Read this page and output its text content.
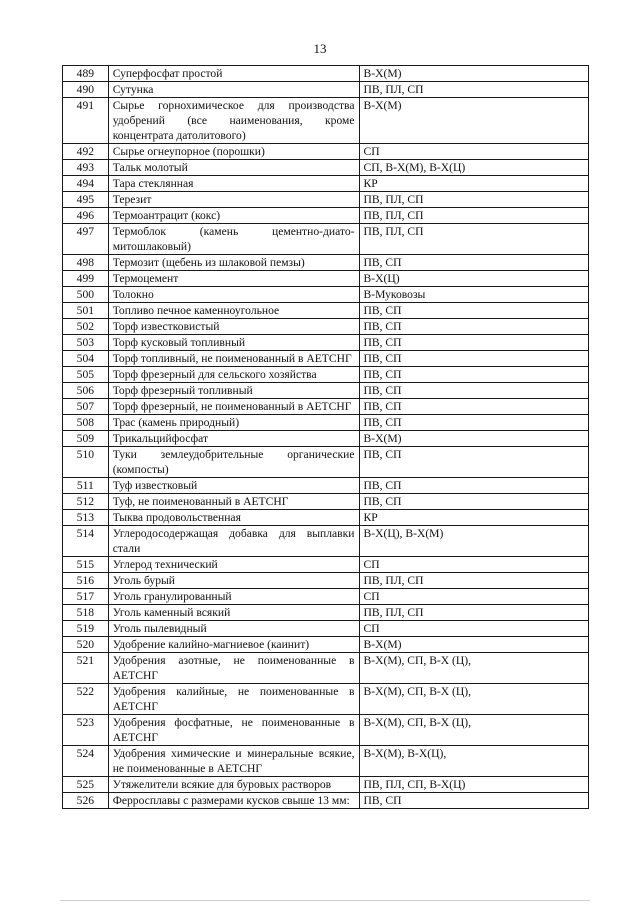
13
489	Суперфосфат простой	В-Х(М)
490	Сутунка	ПВ, ПЛ, СП
491	Сырье горнохимическое для производства удобрений (все наименования, кроме концентрата датолитового)	В-Х(М)
492	Сырье огнеупорное (порошки)	СП
493	Тальк молотый	СП, В-Х(М), В-Х(Ц)
494	Тара стеклянная	КР
495	Терезит	ПВ, ПЛ, СП
496	Термоантрацит (кокс)	ПВ, ПЛ, СП
497	Термоблок (камень цементно-диато-митошлаковый)	ПВ, ПЛ, СП
498	Термозит (щебень из шлаковой пемзы)	ПВ, СП
499	Термоцемент	В-Х(Ц)
500	Толокно	В-Муковозы
501	Топливо печное каменноугольное	ПВ, СП
502	Торф известковистый	ПВ, СП
503	Торф кусковый топливный	ПВ, СП
504	Торф топливный, не поименованный в АЕТСНГ	ПВ, СП
505	Торф фрезерный для сельского хозяйства	ПВ, СП
506	Торф фрезерный топливный	ПВ, СП
507	Торф фрезерный, не поименованный в АЕТСНГ	ПВ, СП
508	Трас (камень природный)	ПВ, СП
509	Трикальцийфосфат	В-Х(М)
510	Туки землеудобрительные органические (компосты)	ПВ, СП
511	Туф известковый	ПВ, СП
512	Туф, не поименованный в АЕТСНГ	ПВ, СП
513	Тыква продовольственная	КР
514	Углеродосодержащая добавка для выплавки стали	В-Х(Ц), В-Х(М)
515	Углерод технический	СП
516	Уголь бурый	ПВ, ПЛ, СП
517	Уголь гранулированный	СП
518	Уголь каменный всякий	ПВ, ПЛ, СП
519	Уголь пылевидный	СП
520	Удобрение калийно-магниевое (каинит)	В-Х(М)
521	Удобрения азотные, не поименованные в АЕТСНГ	В-Х(М), СП, В-Х (Ц),
522	Удобрения калийные, не поименованные в АЕТСНГ	В-Х(М), СП, В-Х (Ц),
523	Удобрения фосфатные, не поименованные в АЕТСНГ	В-Х(М), СП, В-Х (Ц),
524	Удобрения химические и минеральные всякие, не поименованные в АЕТСНГ	В-Х(М), В-Х(Ц),
525	Утяжелители всякие для буровых растворов	ПВ, ПЛ, СП, В-Х(Ц)
526	Ферросплавы с размерами кусков свыше 13 мм:	ПВ, СП
